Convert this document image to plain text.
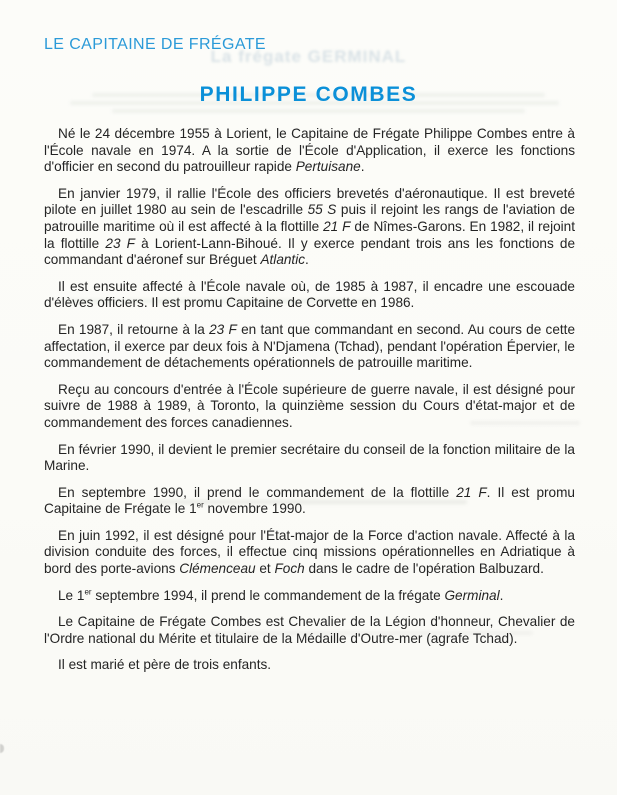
La frégate GERMINAL
LE CAPITAINE DE FRÉGATE
PHILIPPE COMBES

Né le 24 décembre 1955 à Lorient, le Capitaine de Frégate Philippe Combes entre à l'École navale en 1974. A la sortie de l'École d'Application, il exerce les fonctions d'officier en second du patrouilleur rapide Pertuisane.

En janvier 1979, il rallie l'École des officiers brevetés d'aéronautique. Il est breveté pilote en juillet 1980 au sein de l'escadrille 55 S puis il rejoint les rangs de l'aviation de patrouille maritime où il est affecté à la flottille 21 F de Nîmes-Garons. En 1982, il rejoint la flottille 23 F à Lorient-Lann-Bihoué. Il y exerce pendant trois ans les fonctions de commandant d'aéronef sur Bréguet Atlantic.

Il est ensuite affecté à l'École navale où, de 1985 à 1987, il encadre une escouade d'élèves officiers. Il est promu Capitaine de Corvette en 1986.

En 1987, il retourne à la 23 F en tant que commandant en second. Au cours de cette affectation, il exerce par deux fois à N'Djamena (Tchad), pendant l'opération Épervier, le commandement de détachements opérationnels de patrouille maritime.

Reçu au concours d'entrée à l'École supérieure de guerre navale, il est désigné pour suivre de 1988 à 1989, à Toronto, la quinzième session du Cours d'état-major et de commandement des forces canadiennes.

En février 1990, il devient le premier secrétaire du conseil de la fonction militaire de la Marine.

En septembre 1990, il prend le commandement de la flottille 21 F. Il est promu Capitaine de Frégate le 1er novembre 1990.

En juin 1992, il est désigné pour l'État-major de la Force d'action navale. Affecté à la division conduite des forces, il effectue cinq missions opérationnelles en Adriatique à bord des porte-avions Clémenceau et Foch dans le cadre de l'opération Balbuzard.

Le 1er septembre 1994, il prend le commandement de la frégate Germinal.

Le Capitaine de Frégate Combes est Chevalier de la Légion d'honneur, Chevalier de l'Ordre national du Mérite et titulaire de la Médaille d'Outre-mer (agrafe Tchad).

Il est marié et père de trois enfants.
